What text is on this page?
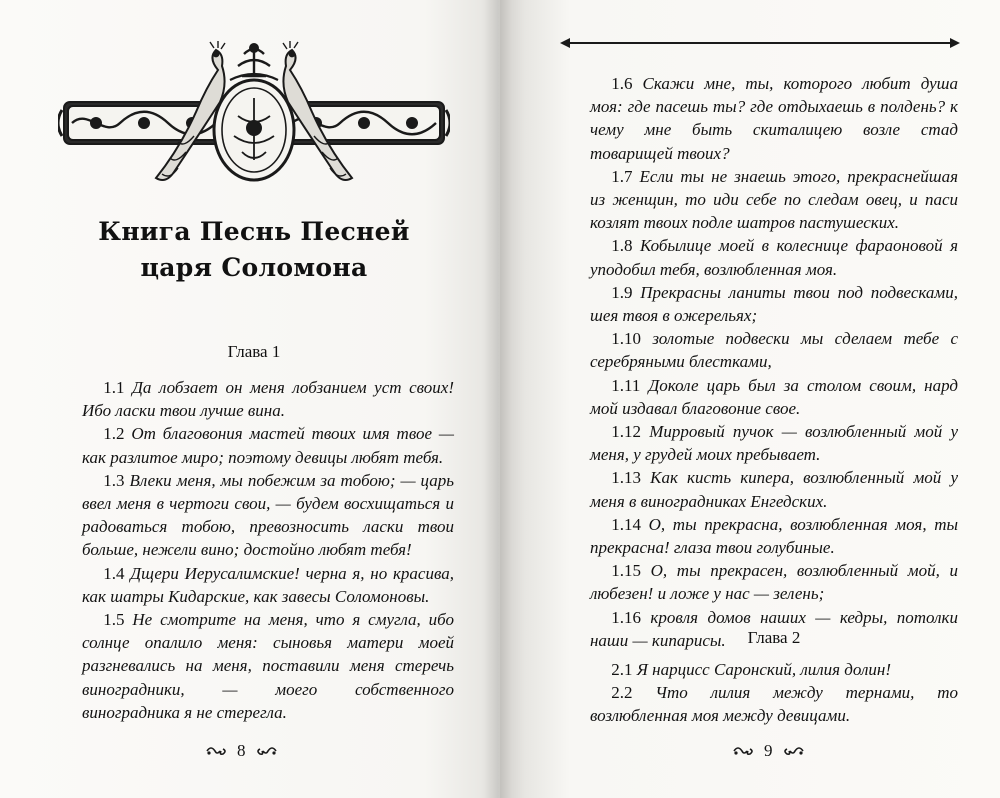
Книга Песнь Песней
царя Соломона
Глава 1

1.1 Да лобзает он меня лобзанием уст своих! Ибо ласки твои лучше вина.

1.2 От благовония мастей твоих имя твое — как разлитое миро; поэтому девицы любят тебя.

1.3 Влеки меня, мы побежим за тобою; — царь ввел меня в чертоги свои, — будем восхищаться и радоваться тобою, превозносить ласки твои больше, нежели вино; достойно любят тебя!

1.4 Дщери Иерусалимские! черна я, но красива, как шатры Кидарские, как завесы Соломоновы.

1.5 Не смотрите на меня, что я смугла, ибо солнце опалило меня: сыновья матери моей разгневались на меня, поставили меня стеречь виноградники, — моего собственного виноградника я не стерегла.

8

1.6 Скажи мне, ты, которого любит душа моя: где пасешь ты? где отдыхаешь в полдень? к чему мне быть скиталицею возле стад товарищей твоих?

1.7 Если ты не знаешь этого, прекраснейшая из женщин, то иди себе по следам овец, и паси козлят твоих подле шатров пастушеских.

1.8 Кобылице моей в колеснице фараоновой я уподобил тебя, возлюбленная моя.

1.9 Прекрасны ланиты твои под подвесками, шея твоя в ожерельях;

1.10 золотые подвески мы сделаем тебе с серебряными блестками,

1.11 Доколе царь был за столом своим, нард мой издавал благовоние свое.

1.12 Мирровый пучок — возлюбленный мой у меня, у грудей моих пребывает.

1.13 Как кисть кипера, возлюбленный мой у меня в виноградниках Енгедских.

1.14 О, ты прекрасна, возлюбленная моя, ты прекрасна! глаза твои голубиные.

1.15 О, ты прекрасен, возлюбленный мой, и любезен! и ложе у нас — зелень;

1.16 кровля домов наших — кедры, потолки наши — кипарисы.	Глава 2

2.1 Я нарцисс Саронский, лилия долин!

2.2 Что лилия между тернами, то возлюбленная моя между девицами.

9
